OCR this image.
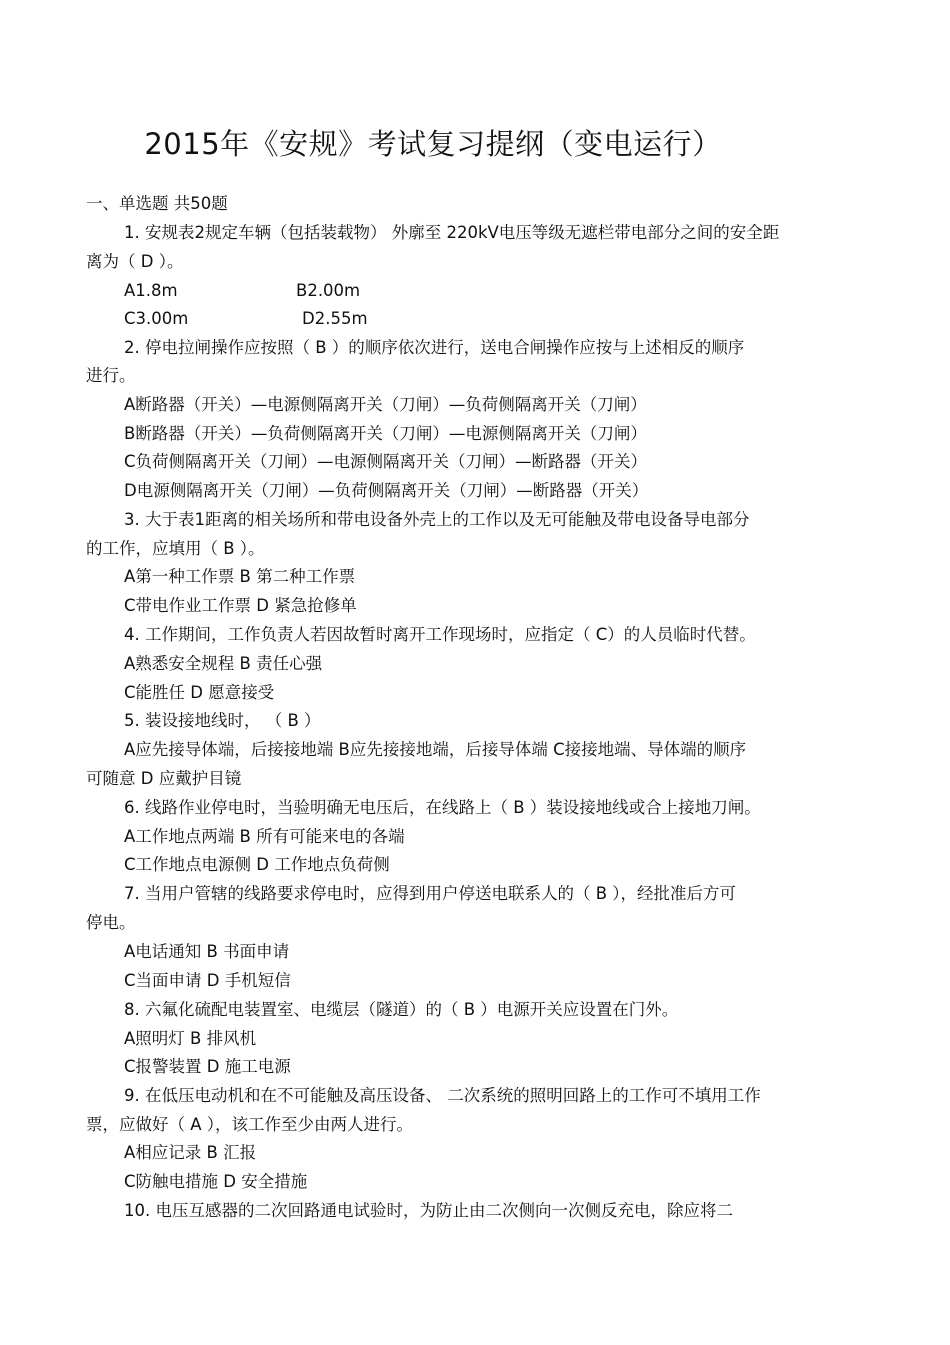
2015年《安规》考试复习提纲（变电运行）
一、单选题 共50题
1. 安规表2规定车辆（包括装载物） 外廓至 220kV电压等级无遮栏带电部分之间的安全距
离为（ D ）。
A1.8m	B2.00m
C3.00m	D2.55m
2. 停电拉闸操作应按照（ B ）的顺序依次进行，送电合闸操作应按与上述相反的顺序
进行。
A断路器（开关）—电源侧隔离开关（刀闸）—负荷侧隔离开关（刀闸）
B断路器（开关）—负荷侧隔离开关（刀闸）—电源侧隔离开关（刀闸）
C负荷侧隔离开关（刀闸）—电源侧隔离开关（刀闸）—断路器（开关）
D电源侧隔离开关（刀闸）—负荷侧隔离开关（刀闸）—断路器（开关）
3. 大于表1距离的相关场所和带电设备外壳上的工作以及无可能触及带电设备导电部分
的工作，应填用（ B ）。
A第一种工作票 B 第二种工作票
C带电作业工作票 D 紧急抢修单
4. 工作期间，工作负责人若因故暂时离开工作现场时，应指定（ C）的人员临时代替。
A熟悉安全规程 B 责任心强
C能胜任 D 愿意接受
5. 装设接地线时， （ B ）
A应先接导体端，后接接地端 B应先接接地端，后接导体端 C接接地端、导体端的顺序
可随意 D 应戴护目镜
6. 线路作业停电时，当验明确无电压后，在线路上（ B ）装设接地线或合上接地刀闸。
A工作地点两端 B 所有可能来电的各端
C工作地点电源侧 D 工作地点负荷侧
7. 当用户管辖的线路要求停电时，应得到用户停送电联系人的（ B ），经批准后方可
停电。
A电话通知 B 书面申请
C当面申请 D 手机短信
8. 六氟化硫配电装置室、电缆层（隧道）的（ B ）电源开关应设置在门外。
A照明灯 B 排风机
C报警装置 D 施工电源
9. 在低压电动机和在不可能触及高压设备、 二次系统的照明回路上的工作可不填用工作
票，应做好（ A ），该工作至少由两人进行。
A相应记录 B 汇报
C防触电措施 D 安全措施
10. 电压互感器的二次回路通电试验时，为防止由二次侧向一次侧反充电，除应将二
